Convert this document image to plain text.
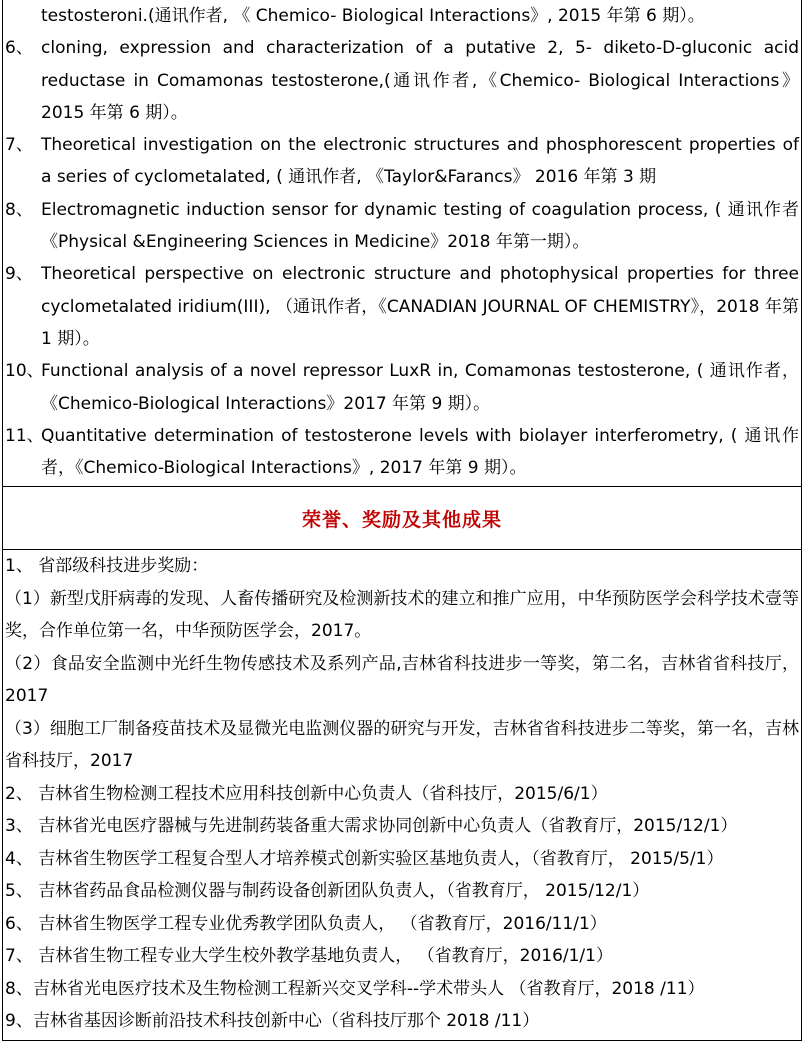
testosteroni.(通讯作者, 《 Chemico- Biological Interactions》, 2015 年第 6 期）。
6、 cloning, expression and characterization of a putative 2, 5- diketo-D-gluconic acid reductase in Comamonas testosterone,(通讯作者,《Chemico- Biological Interactions》 2015 年第 6 期）。
7、 Theoretical investigation on the electronic structures and phosphorescent properties of a series of cyclometalated, ( 通讯作者, 《Taylor&Farancs》 2016 年第 3 期
8、 Electromagnetic induction sensor for dynamic testing of coagulation process, ( 通讯作者《Physical &Engineering Sciences in Medicine》2018 年第一期）。
9、 Theoretical perspective on electronic structure and photophysical properties for three cyclometalated iridium(III), （通讯作者，《CANADIAN JOURNAL OF CHEMISTRY》，2018 年第 1 期）。
10、
Functional analysis of a novel repressor LuxR in, Comamonas testosterone, ( 通讯作者，《Chemico-Biological Interactions》2017 年第 9 期）。
11、
Quantitative determination of testosterone levels with biolayer interferometry, ( 通讯作者，《Chemico-Biological Interactions》, 2017 年第 9 期）。
荣誉、奖励及其他成果
1、 省部级科技进步奖励：
（1）新型戊肝病毒的发现、人畜传播研究及检测新技术的建立和推广应用，中华预防医学会科学技术壹等奖，合作单位第一名，中华预防医学会，2017。
（2）食品安全监测中光纤生物传感技术及系列产品,吉林省科技进步一等奖，第二名，吉林省省科技厅，2017
（3）细胞工厂制备疫苗技术及显微光电监测仪器的研究与开发，吉林省省科技进步二等奖，第一名，吉林省科技厅，2017
2、 吉林省生物检测工程技术应用科技创新中心负责人（省科技厅，2015/6/1）
3、 吉林省光电医疗器械与先进制药装备重大需求协同创新中心负责人（省教育厅，2015/12/1）
4、 吉林省生物医学工程复合型人才培养模式创新实验区基地负责人，（省教育厅， 2015/5/1）
5、 吉林省药品食品检测仪器与制药设备创新团队负责人，（省教育厅， 2015/12/1）
6、 吉林省生物医学工程专业优秀教学团队负责人， （省教育厅，2016/11/1）
7、 吉林省生物工程专业大学生校外教学基地负责人， （省教育厅，2016/1/1）
8、吉林省光电医疗技术及生物检测工程新兴交叉学科--学术带头人 （省教育厅，2018 /11）
9、吉林省基因诊断前沿技术科技创新中心（省科技厅那个 2018 /11）
